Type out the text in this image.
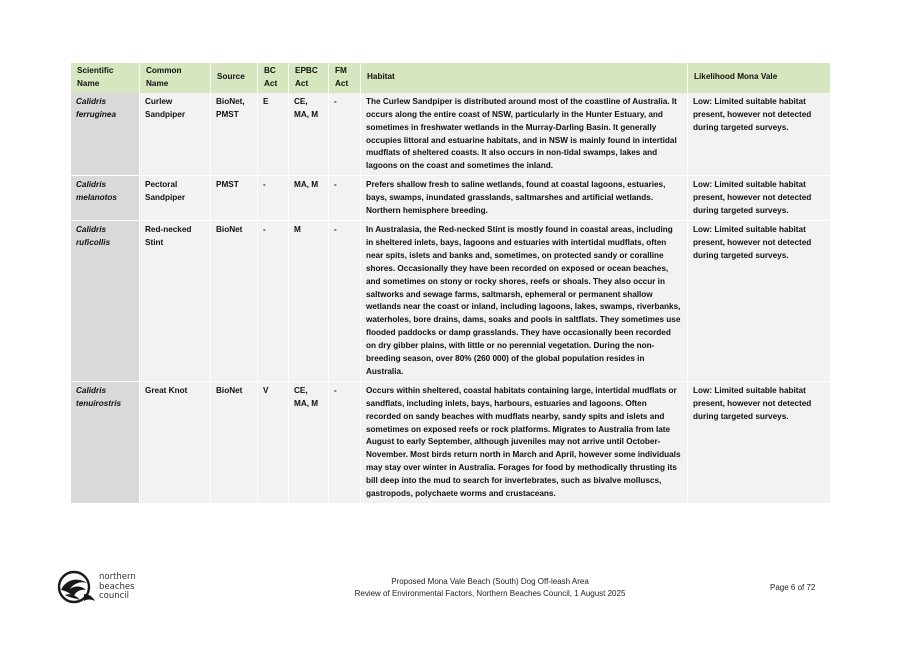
Scientific Name	Common Name	Source	BC Act	EPBC Act	FM Act	Habitat	Likelihood Mona Vale
Calidris ferruginea	Curlew Sandpiper	BioNet, PMST	E	CE, MA, M	-	The Curlew Sandpiper is distributed around most of the coastline of Australia. It occurs along the entire coast of NSW, particularly in the Hunter Estuary, and sometimes in freshwater wetlands in the Murray-Darling Basin. It generally occupies littoral and estuarine habitats, and in NSW is mainly found in intertidal mudflats of sheltered coasts. It also occurs in non-tidal swamps, lakes and lagoons on the coast and sometimes the inland.	Low: Limited suitable habitat present, however not detected during targeted surveys.
Calidris melanotos	Pectoral Sandpiper	PMST	-	MA, M	-	Prefers shallow fresh to saline wetlands, found at coastal lagoons, estuaries, bays, swamps, inundated grasslands, saltmarshes and artificial wetlands. Northern hemisphere breeding.	Low: Limited suitable habitat present, however not detected during targeted surveys.
Calidris ruficollis	Red-necked Stint	BioNet	-	M	-	In Australasia, the Red-necked Stint is mostly found in coastal areas, including in sheltered inlets, bays, lagoons and estuaries with intertidal mudflats, often near spits, islets and banks and, sometimes, on protected sandy or coralline shores. Occasionally they have been recorded on exposed or ocean beaches, and sometimes on stony or rocky shores, reefs or shoals. They also occur in saltworks and sewage farms, saltmarsh, ephemeral or permanent shallow wetlands near the coast or inland, including lagoons, lakes, swamps, riverbanks, waterholes, bore drains, dams, soaks and pools in saltflats. They sometimes use flooded paddocks or damp grasslands. They have occasionally been recorded on dry gibber plains, with little or no perennial vegetation. During the non-breeding season, over 80% (260 000) of the global population resides in Australia.	Low: Limited suitable habitat present, however not detected during targeted surveys.
Calidris tenuirostris	Great Knot	BioNet	V	CE, MA, M	-	Occurs within sheltered, coastal habitats containing large, intertidal mudflats or sandflats, including inlets, bays, harbours, estuaries and lagoons. Often recorded on sandy beaches with mudflats nearby, sandy spits and islets and sometimes on exposed reefs or rock platforms. Migrates to Australia from late August to early September, although juveniles may not arrive until October- November. Most birds return north in March and April, however some individuals may stay over winter in Australia. Forages for food by methodically thrusting its bill deep into the mud to search for invertebrates, such as bivalve molluscs, gastropods, polychaete worms and crustaceans.	Low: Limited suitable habitat present, however not detected during targeted surveys.
northern
beaches
council
Proposed Mona Vale Beach (South) Dog Off-leash Area
Review of Environmental Factors, Northern Beaches Council, 1 August 2025
Page 6 of 72
